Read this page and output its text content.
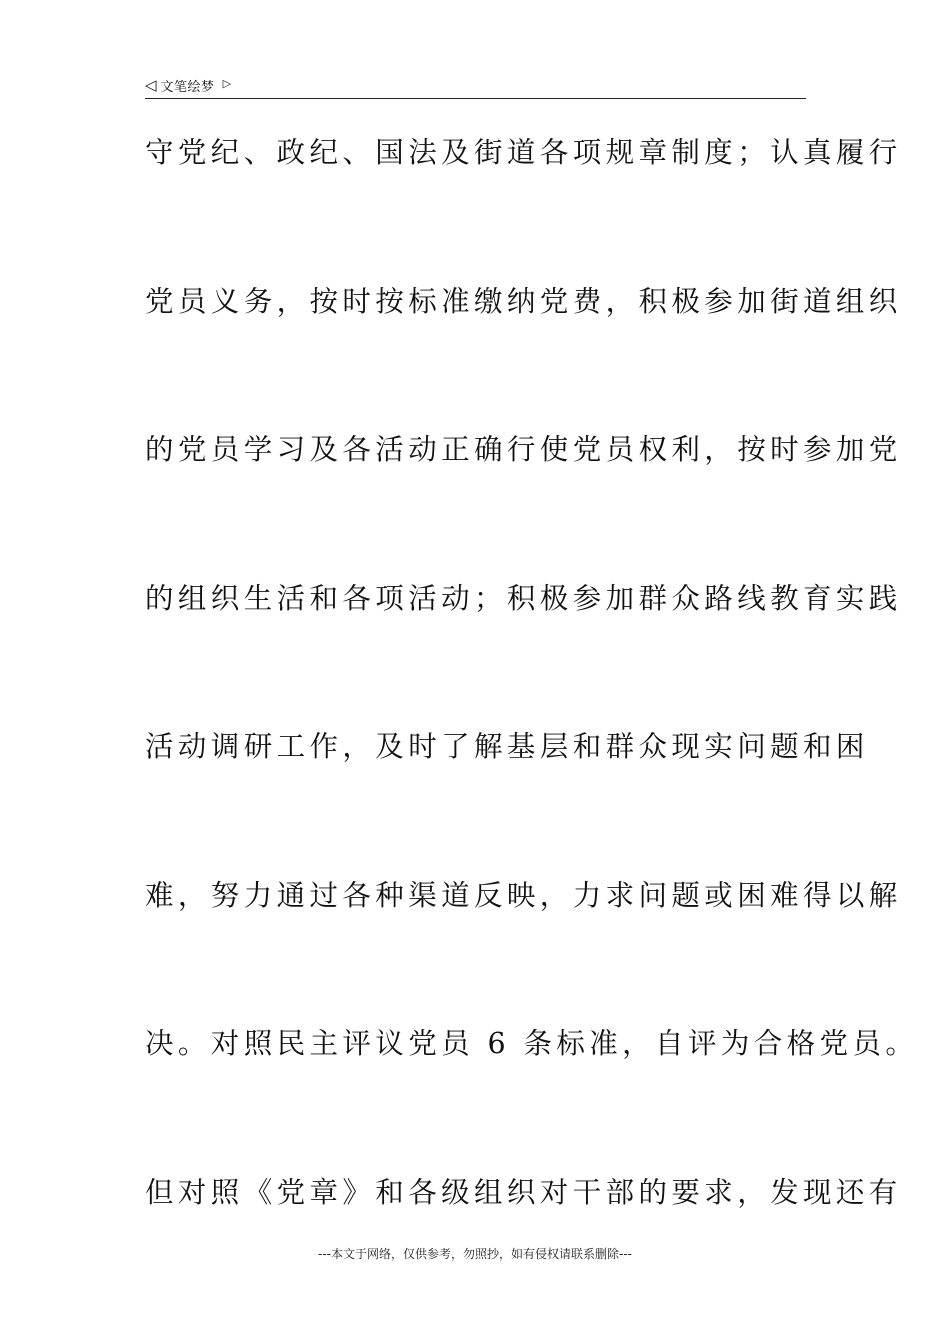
◁ 文笔绘梦 ▷
守党纪、政纪、国法及街道各项规章制度；认真履行
党员义务，按时按标准缴纳党费，积极参加街道组织
的党员学习及各活动正确行使党员权利，按时参加党
的组织生活和各项活动；积极参加群众路线教育实践
活动调研工作，及时了解基层和群众现实问题和困
难，努力通过各种渠道反映，力求问题或困难得以解
决。对照民主评议党员 6 条标准，自评为合格党员。
但对照《党章》和各级组织对干部的要求，发现还有
---本文于网络，仅供参考，勿照抄，如有侵权请联系删除---
